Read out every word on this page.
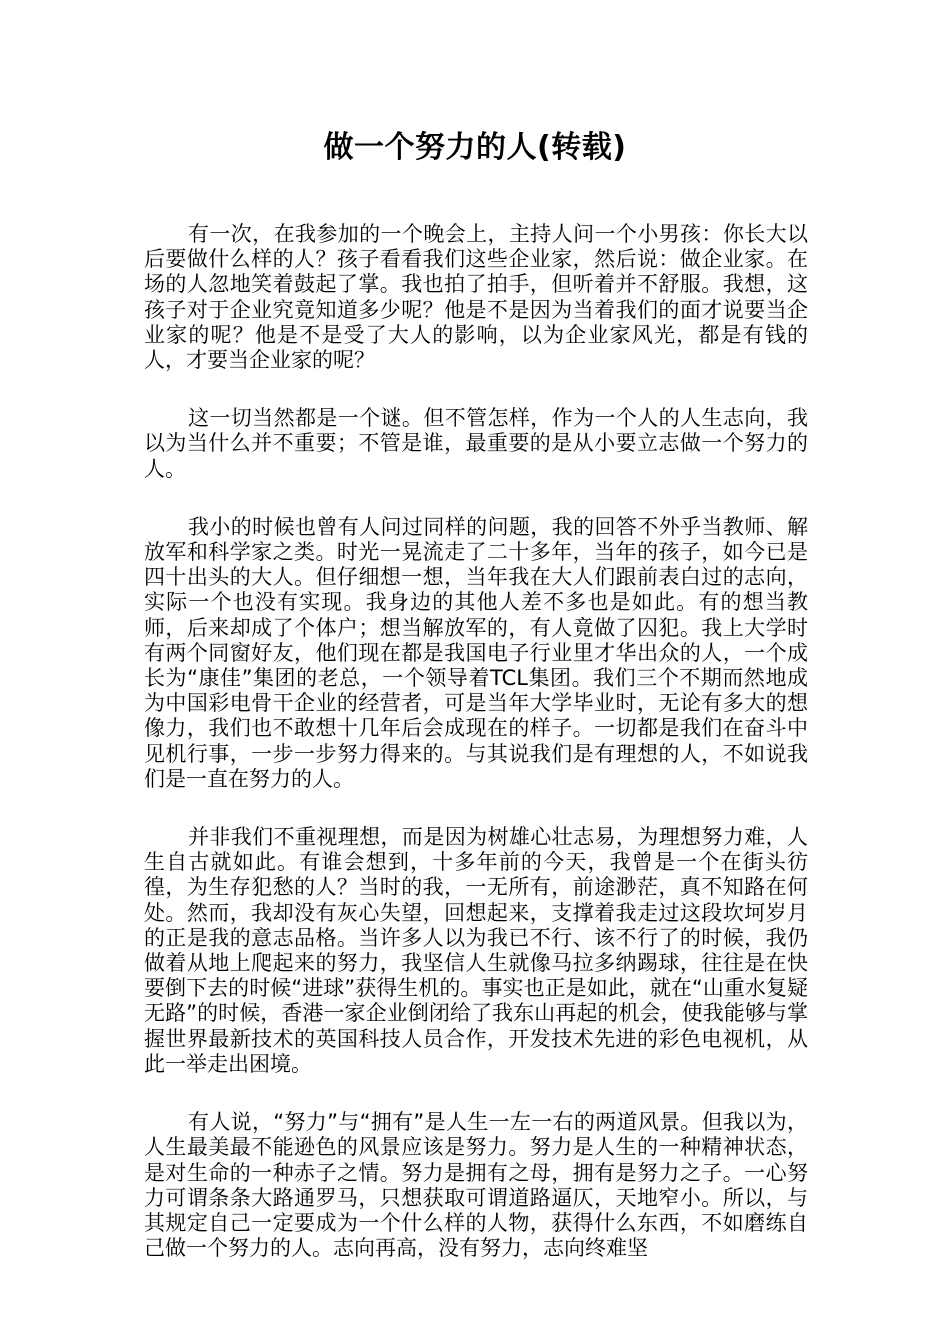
做一个努力的人(转载)

有一次，在我参加的一个晚会上，主持人问一个小男孩：你长大以后要做什么样的人？孩子看看我们这些企业家，然后说：做企业家。在场的人忽地笑着鼓起了掌。我也拍了拍手，但听着并不舒服。我想，这孩子对于企业究竟知道多少呢？他是不是因为当着我们的面才说要当企业家的呢？他是不是受了大人的影响，以为企业家风光，都是有钱的人，才要当企业家的呢？

这一切当然都是一个谜。但不管怎样，作为一个人的人生志向，我以为当什么并不重要；不管是谁，最重要的是从小要立志做一个努力的人。

我小的时候也曾有人问过同样的问题，我的回答不外乎当教师、解放军和科学家之类。时光一晃流走了二十多年，当年的孩子，如今已是四十出头的大人。但仔细想一想，当年我在大人们跟前表白过的志向，实际一个也没有实现。我身边的其他人差不多也是如此。有的想当教师，后来却成了个体户；想当解放军的，有人竟做了囚犯。我上大学时有两个同窗好友，他们现在都是我国电子行业里才华出众的人，一个成长为“康佳”集团的老总，一个领导着TCL集团。我们三个不期而然地成为中国彩电骨干企业的经营者，可是当年大学毕业时，无论有多大的想像力，我们也不敢想十几年后会成现在的样子。一切都是我们在奋斗中见机行事，一步一步努力得来的。与其说我们是有理想的人，不如说我们是一直在努力的人。

并非我们不重视理想，而是因为树雄心壮志易，为理想努力难，人生自古就如此。有谁会想到，十多年前的今天，我曾是一个在街头彷徨，为生存犯愁的人？当时的我，一无所有，前途渺茫，真不知路在何处。然而，我却没有灰心失望，回想起来，支撑着我走过这段坎坷岁月的正是我的意志品格。当许多人以为我已不行、该不行了的时候，我仍做着从地上爬起来的努力，我坚信人生就像马拉多纳踢球，往往是在快要倒下去的时候“进球”获得生机的。事实也正是如此，就在“山重水复疑无路”的时候，香港一家企业倒闭给了我东山再起的机会，使我能够与掌握世界最新技术的英国科技人员合作，开发技术先进的彩色电视机，从此一举走出困境。

有人说，“努力”与“拥有”是人生一左一右的两道风景。但我以为，人生最美最不能逊色的风景应该是努力。努力是人生的一种精神状态，是对生命的一种赤子之情。努力是拥有之母，拥有是努力之子。一心努力可谓条条大路通罗马，只想获取可谓道路逼仄，天地窄小。所以，与其规定自己一定要成为一个什么样的人物，获得什么东西，不如磨练自己做一个努力的人。志向再高，没有努力，志向终难坚
